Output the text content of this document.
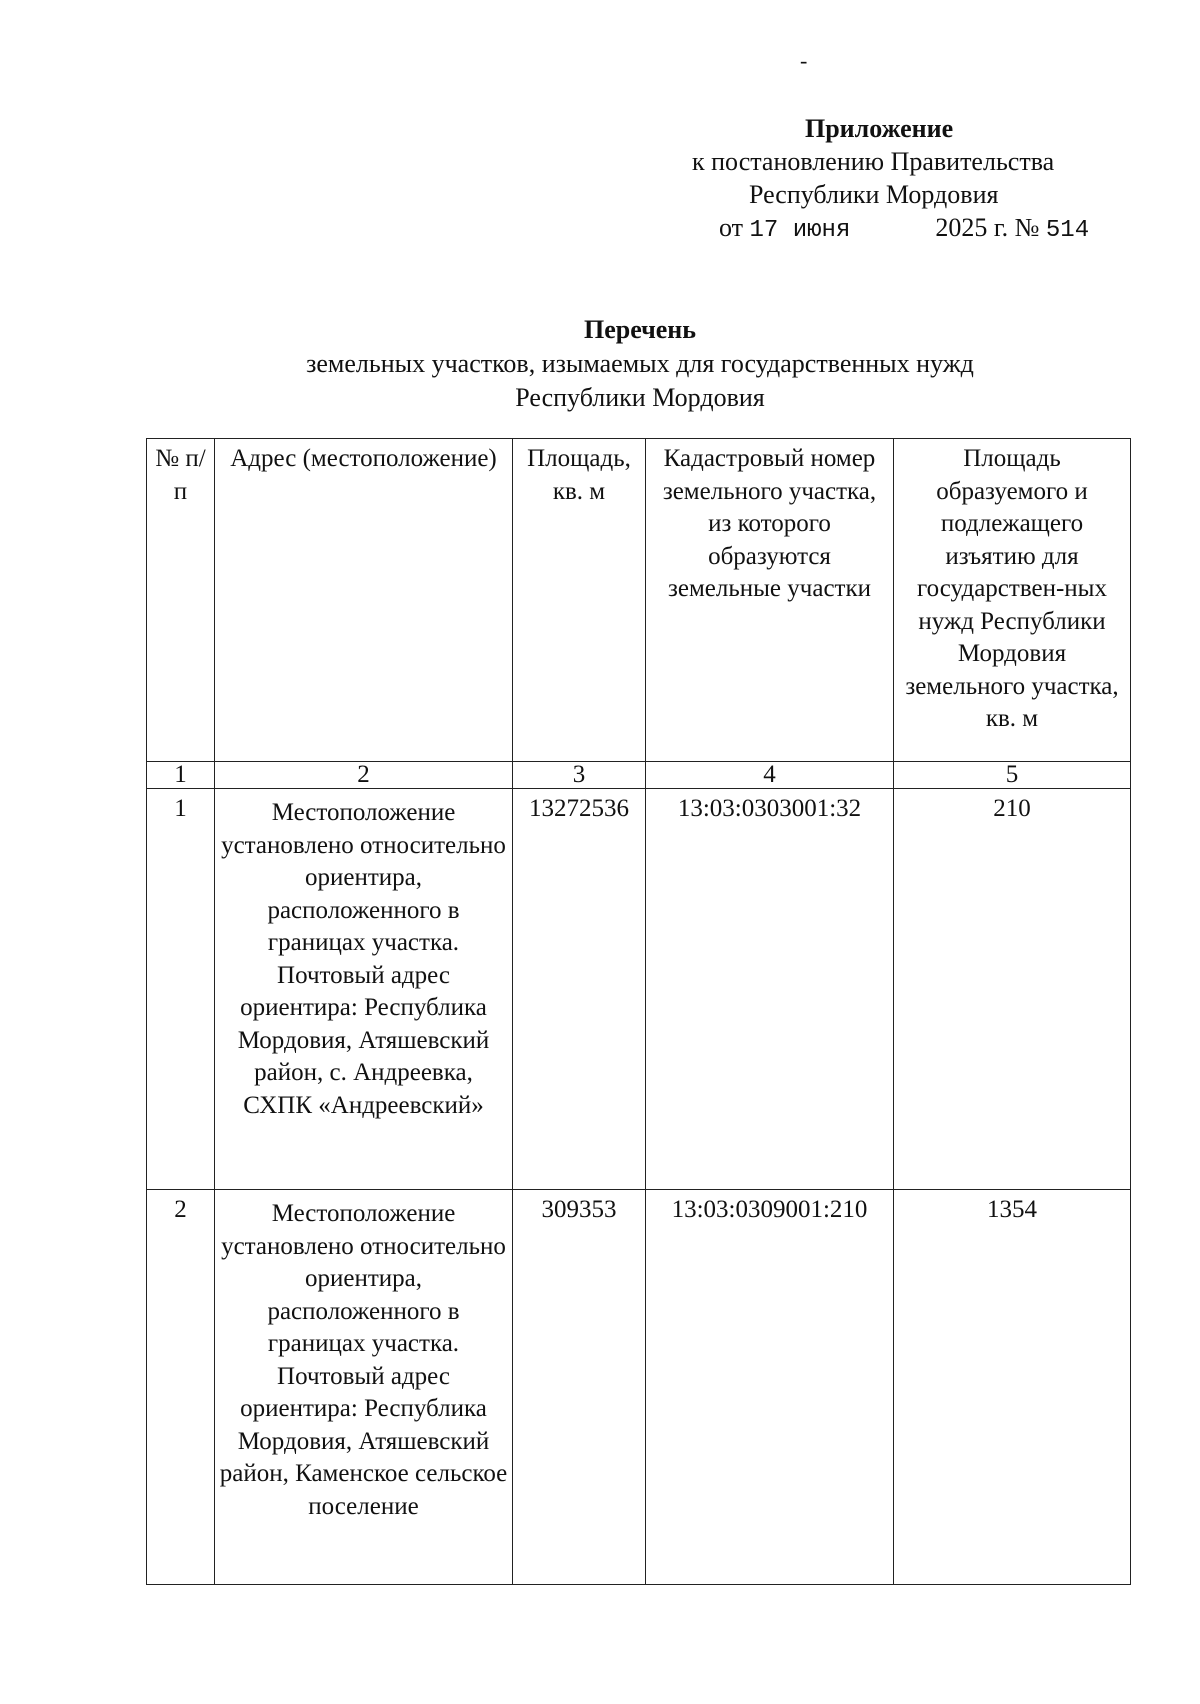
-
Приложение
к постановлению Правительства
Республики Мордовия
от 17 июня	2025 г. № 514
Перечень
земельных участков, изымаемых для государственных нужд
Республики Мордовия
№ п/п	Адрес (местоположение)	Площадь, кв. м	Кадастровый номер земельного участка, из которого образуются земельные участки	Площадь образуемого и подлежащего изъятию для государствен-ных нужд Республики Мордовия земельного участка, кв. м
1	2	3	4	5
1	Местоположение установлено относительно ориентира, расположенного в границах участка. Почтовый адрес ориентира: Республика Мордовия, Атяшевский район, с. Андреевка, СХПК «Андреевский»	13272536	13:03:0303001:32	210
2	Местоположение установлено относительно ориентира, расположенного в границах участка. Почтовый адрес ориентира: Республика Мордовия, Атяшевский район, Каменское сельское поселение	309353	13:03:0309001:210	1354
